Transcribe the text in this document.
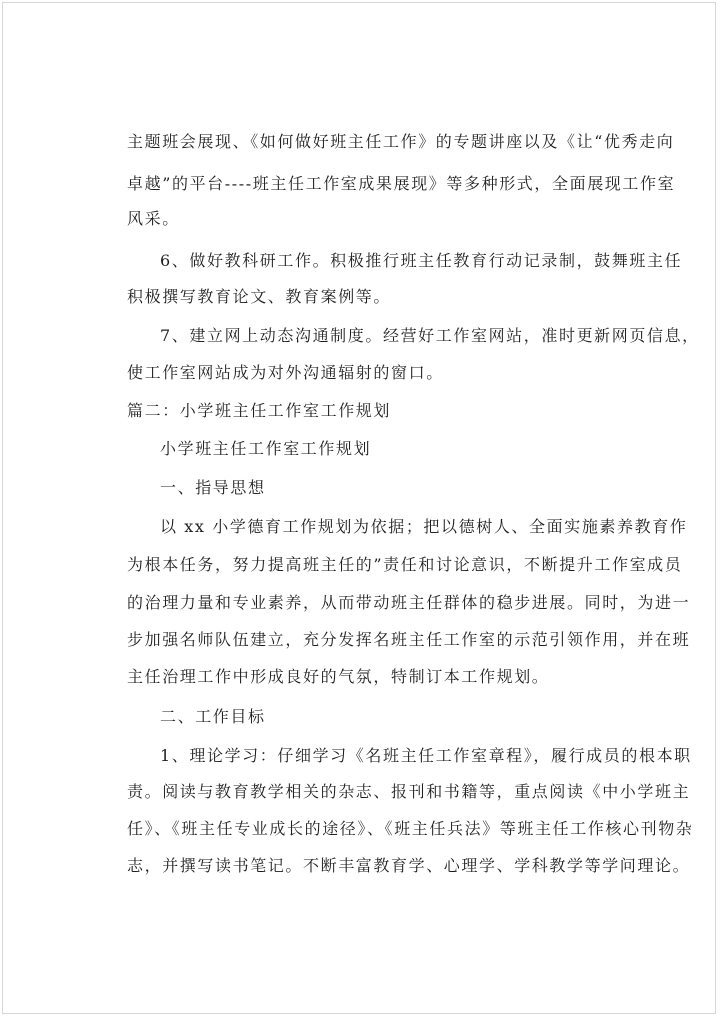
主题班会展现、《如何做好班主任工作》的专题讲座以及《让“优秀走向
卓越”的平台----班主任工作室成果展现》等多种形式，全面展现工作室
风采。
6、做好教科研工作。积极推行班主任教育行动记录制，鼓舞班主任
积极撰写教育论文、教育案例等。
7、建立网上动态沟通制度。经营好工作室网站，准时更新网页信息，
使工作室网站成为对外沟通辐射的窗口。
篇二：小学班主任工作室工作规划
小学班主任工作室工作规划
一、指导思想
以 xx 小学德育工作规划为依据；把以德树人、全面实施素养教育作
为根本任务，努力提高班主任的”责任和讨论意识，不断提升工作室成员
的治理力量和专业素养，从而带动班主任群体的稳步进展。同时，为进一
步加强名师队伍建立，充分发挥名班主任工作室的示范引领作用，并在班
主任治理工作中形成良好的气氛，特制订本工作规划。
二、工作目标
1、理论学习：仔细学习《名班主任工作室章程》，履行成员的根本职
责。阅读与教育教学相关的杂志、报刊和书籍等，重点阅读《中小学班主
任》、《班主任专业成长的途径》、《班主任兵法》等班主任工作核心刊物杂
志，并撰写读书笔记。不断丰富教育学、心理学、学科教学等学问理论。
